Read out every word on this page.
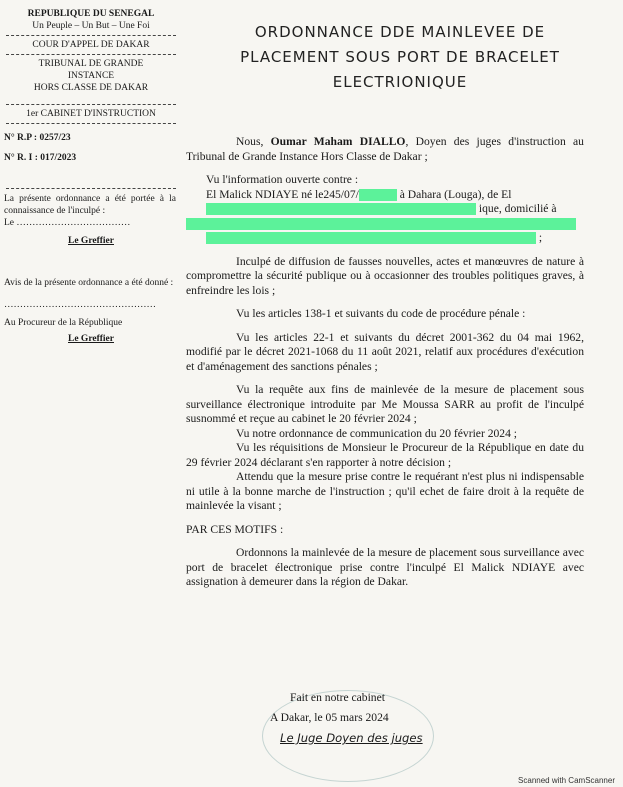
REPUBLIQUE DU SENEGAL
Un Peuple – Un But – Une Foi
COUR D'APPEL DE DAKAR
TRIBUNAL DE GRANDE
INSTANCE
HORS CLASSE DE DAKAR
1er CABINET D'INSTRUCTION
N° R.P : 0257/23
N° R. I : 017/2023
La présente ordonnance a été portée à la connaissance de l'inculpé :
Le ………………………………
Le Greffier
Avis de la présente ordonnance a été donné :
…………………………………………
Au Procureur de la République
Le Greffier
ORDONNANCE DDE MAINLEVEE DE
PLACEMENT SOUS PORT DE BRACELET
ELECTRIONIQUE

Nous, Oumar Maham DIALLO, Doyen des juges d'instruction au Tribunal de Grande Instance Hors Classe de Dakar ;

Vu l'information ouverte contre :
El Malick NDIAYE né le245/07/	à Dahara (Louga), de El
ique, domicilié à
;

Inculpé de diffusion de fausses nouvelles, actes et manœuvres de nature à compromettre la sécurité publique ou à occasionner des troubles politiques graves, à enfreindre les lois ;

Vu les articles 138-1 et suivants du code de procédure pénale :

Vu les articles 22-1 et suivants du décret 2001-362 du 04 mai 1962, modifié par le décret 2021-1068 du 11 août 2021, relatif aux procédures d'exécution et d'aménagement des sanctions pénales ;

Vu la requête aux fins de mainlevée de la mesure de placement sous surveillance électronique introduite par Me Moussa SARR au profit de l'inculpé susnommé et reçue au cabinet le 20 février 2024 ;

Vu notre ordonnance de communication du 20 février 2024 ;

Vu les réquisitions de Monsieur le Procureur de la République en date du 29 février 2024 déclarant s'en rapporter à notre décision ;

Attendu que la mesure prise contre le requérant n'est plus ni indispensable ni utile à la bonne marche de l'instruction ; qu'il echet de faire droit à la requête de mainlevée la visant ;

PAR CES MOTIFS :

Ordonnons la mainlevée de la mesure de placement sous surveillance avec port de bracelet électronique prise contre l'inculpé El Malick NDIAYE avec assignation à demeurer dans la région de Dakar.

Fait en notre cabinet
A Dakar, le 05 mars 2024
Le Juge Doyen des juges
Scanned with CamScanner
